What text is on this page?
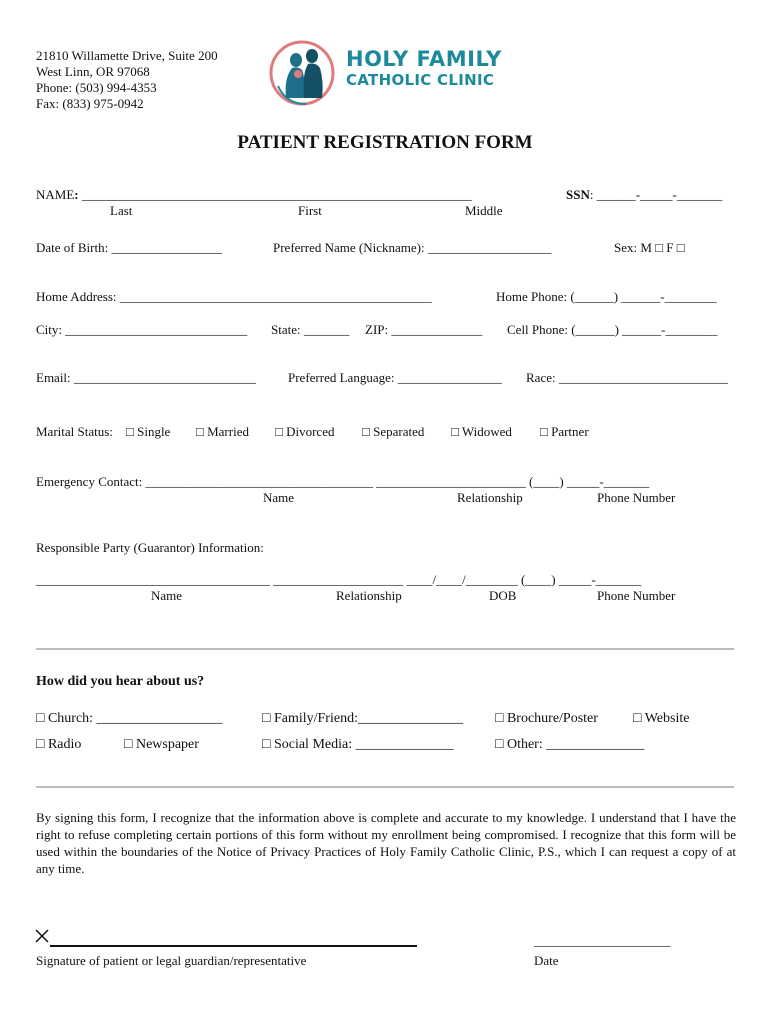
21810 Willamette Drive, Suite 200
West Linn, OR 97068
Phone: (503) 994-4353
Fax: (833) 975-0942
HOLY FAMILY
CATHOLIC CLINIC
PATIENT REGISTRATION FORM
NAME: ____________________________________________________________	SSN: ______-_____-_______
Last	First	Middle
Date of Birth: _________________	Preferred Name (Nickname): ___________________	Sex: M □ F □
Home Address: ________________________________________________	Home Phone: (______) ______-________
City: ____________________________ State: _______ ZIP: ______________ Cell Phone: (______) ______-________
Email: ____________________________ Preferred Language: ________________ Race: __________________________
Marital Status: □ Single □ Married □ Divorced □ Separated □ Widowed □ Partner
Emergency Contact: ___________________________________ _______________________ (____) _____-_______
Name	Relationship	Phone Number
Responsible Party (Guarantor) Information:
____________________________________ ____________________ ____/____/________ (____) _____-_______
Name	Relationship	DOB	Phone Number
How did you hear about us?
□ Church: __________________	□ Family/Friend:_______________ □ Brochure/Poster	□ Website
□ Radio	□ Newspaper	□ Social Media: ______________	□ Other: ______________
By signing this form, I recognize that the information above is complete and accurate to my knowledge. I understand that I have the right to refuse completing certain portions of this form without my enrollment being compromised. I recognize that this form will be used within the boundaries of the Notice of Privacy Practices of Holy Family Catholic Clinic, P.S., which I can request a copy of at any time.
Signature of patient or legal guardian/representative
_____________________
Date
